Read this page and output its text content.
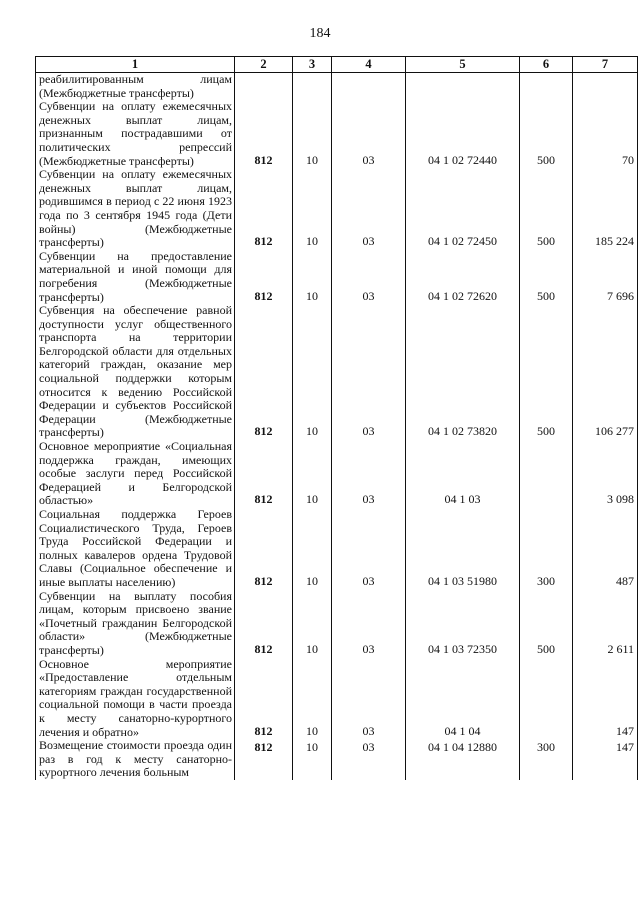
184
1	2	3	4	5	6	7
реабилитированным лицам (Межбюджетные трансферты)						
Субвенции на оплату ежемесячных денежных выплат лицам, признанным пострадавшими от политических репрессий (Межбюджетные трансферты)	812	10	03	04 1 02 72440	500	70
Субвенции на оплату ежемесячных денежных выплат лицам, родившимся в период с 22 июня 1923 года по 3 сентября 1945 года (Дети войны) (Межбюджетные трансферты)	812	10	03	04 1 02 72450	500	185 224
Субвенции на предоставление материальной и иной помощи для погребения (Межбюджетные трансферты)	812	10	03	04 1 02 72620	500	7 696
Субвенция на обеспечение равной доступности услуг общественного транспорта на территории Белгородской области для отдельных категорий граждан, оказание мер социальной поддержки которым относится к ведению Российской Федерации и субъектов Российской Федерации (Межбюджетные трансферты)	812	10	03	04 1 02 73820	500	106 277
Основное мероприятие «Социальная поддержка граждан, имеющих особые заслуги перед Российской Федерацией и Белгородской областью»	812	10	03	04 1 03		3 098
Социальная поддержка Героев Социалистического Труда, Героев Труда Российской Федерации и полных кавалеров ордена Трудовой Славы (Социальное обеспечение и иные выплаты населению)	812	10	03	04 1 03 51980	300	487
Субвенции на выплату пособия лицам, которым присвоено звание «Почетный гражданин Белгородской области» (Межбюджетные трансферты)	812	10	03	04 1 03 72350	500	2 611
Основное мероприятие «Предоставление отдельным категориям граждан государственной социальной помощи в части проезда к месту санаторно-курортного лечения и обратно»	812	10	03	04 1 04		147
Возмещение стоимости проезда один раз в год к месту санаторно-курортного лечения больным	812	10	03	04 1 04 12880	300	147
